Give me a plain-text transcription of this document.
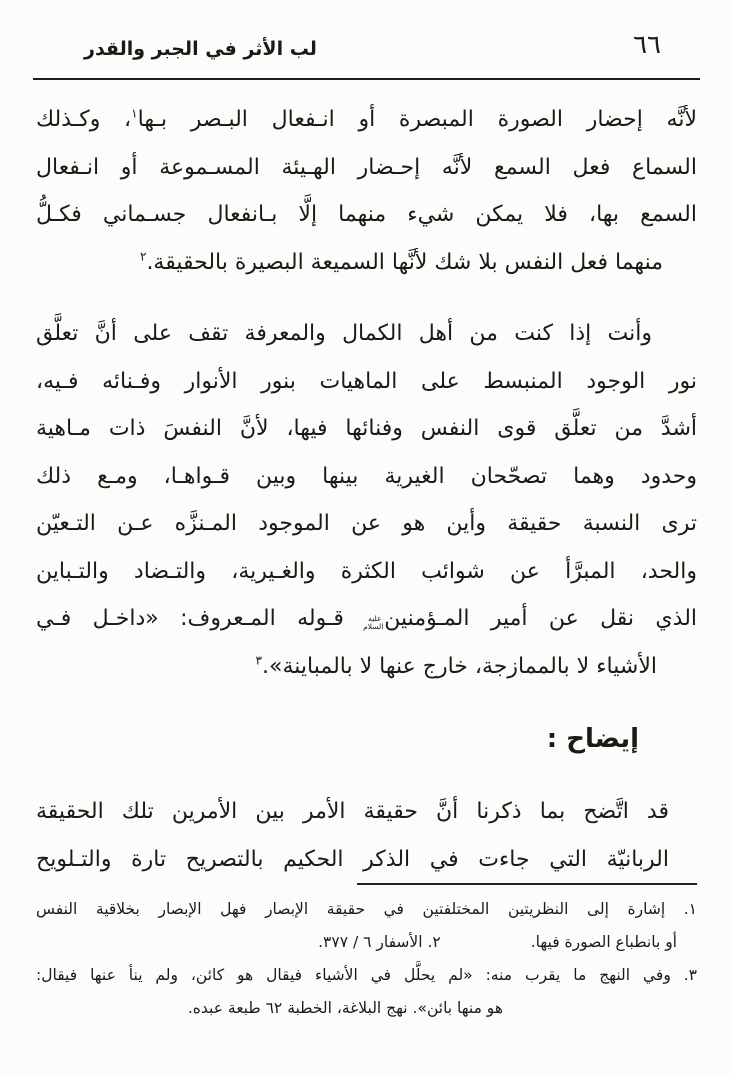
لب الأثر في الجبر والقدر	٦٦
لأنَّه إحضار الصورة المبصرة أو انـفعال البـصر بـها$^١$، وكـذلك
السماع فعل السمع لأنَّه إحـضار الهـيئة المسـموعة أو انـفعال
السمع بها، فلا يمكن شيء منهما إلَّا بـانفعال جسـماني فكـلُّ
منهما فعل النفس بلا شك لأنَّها السميعة البصيرة بالحقيقة.$^٢$
وأنت إذا كنت من أهل الكمال والمعرفة تقف على أنَّ تعلَّق
نور الوجود المنبسط على الماهيات بنور الأنوار وفـنائه فـيه،
أشدَّ من تعلَّق قوى النفس وفنائها فيها، لأنَّ النفسَ ذات مـاهية
وحدود وهما تصحّحان الغيرية بينها وبين قـواهـا، ومـع ذلك
ترى النسبة حقيقة وأين هو عن الموجود المـنزَّه عـن التـعيّن
والحد، المبرَّأ عن شوائب الكثرة والغـيرية، والتـضاد والتـباين
الذي نقل عن أمير المـؤمنينعليه السلام قـوله المـعروف: «داخـل فـي
الأشياء لا بالممازجة، خارج عنها لا بالمباينة».$^٣$
إيضاح :
قد اتَّضح بما ذكرنا أنَّ حقيقة الأمر بين الأمرين تلك الحقيقة
الربانيّة التي جاءت في الذكر الحكيم بالتصريح تارة والتـلويح
١. إشارة إلى النظريتين المختلفتين في حقيقة الإبصار فهل الإبصار بخلاقية النفس
أو بانطباع الصورة فيها.
٢. الأسفار ٦ / ٣٧٧.
٣. وفي النهج ما يقرب منه: «لم يحلَّل في الأشياء فيقال هو كائن، ولم ينأ عنها فيقال:
هو منها بائن». نهج البلاغة، الخطبة ٦٢ طبعة عبده.
